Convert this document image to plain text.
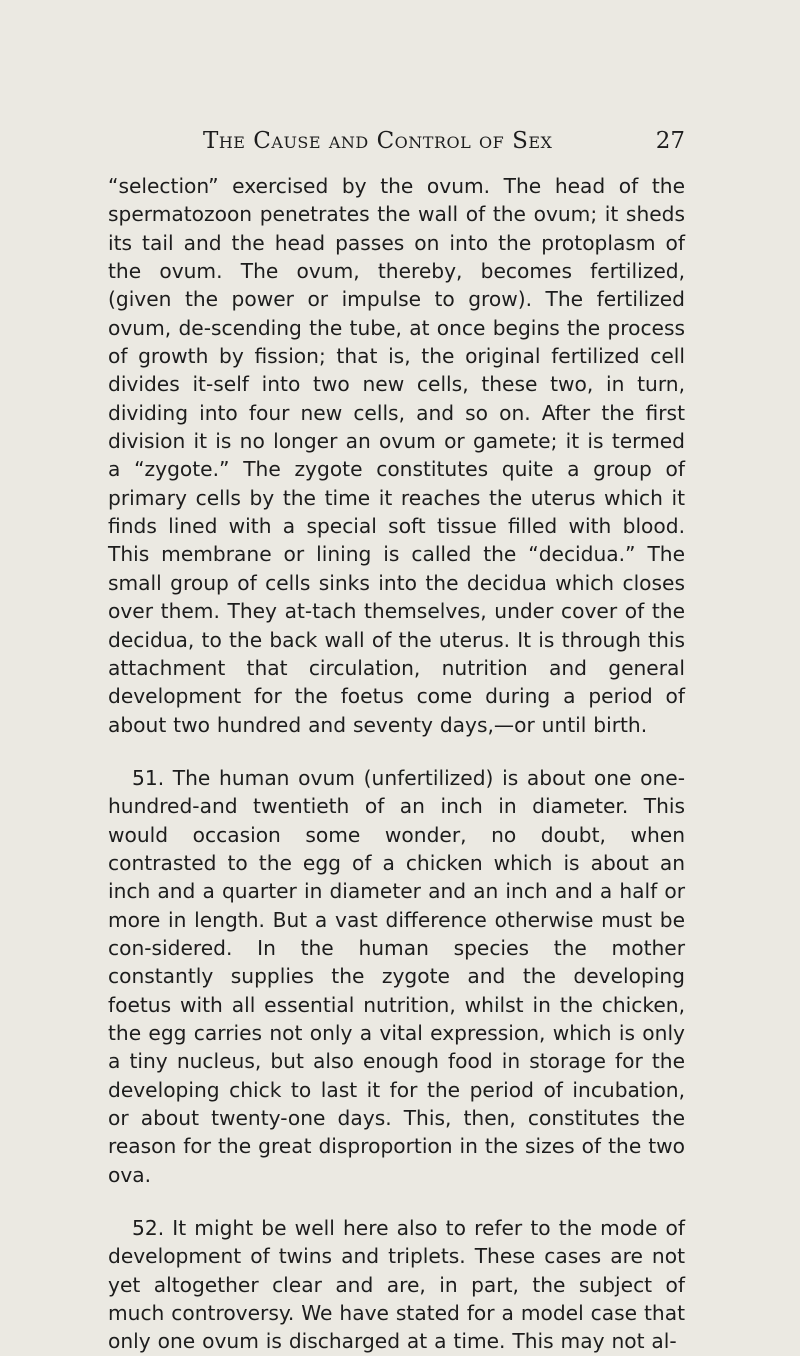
The Cause and Control of Sex	27

“selection” exercised by the ovum. The head of the spermatozoon penetrates the wall of the ovum; it sheds its tail and the head passes on into the protoplasm of the ovum. The ovum, thereby, becomes fertilized, (given the power or impulse to grow). The fertilized ovum, de-scending the tube, at once begins the process of growth by fission; that is, the original fertilized cell divides it-self into two new cells, these two, in turn, dividing into four new cells, and so on. After the first division it is no longer an ovum or gamete; it is termed a “zygote.” The zygote constitutes quite a group of primary cells by the time it reaches the uterus which it finds lined with a special soft tissue filled with blood. This membrane or lining is called the “decidua.” The small group of cells sinks into the decidua which closes over them. They at-tach themselves, under cover of the decidua, to the back wall of the uterus. It is through this attachment that circulation, nutrition and general development for the foetus come during a period of about two hundred and seventy days,—or until birth.

51. The human ovum (unfertilized) is about one one-hundred-and twentieth of an inch in diameter. This would occasion some wonder, no doubt, when contrasted to the egg of a chicken which is about an inch and a quarter in diameter and an inch and a half or more in length. But a vast difference otherwise must be con-sidered. In the human species the mother constantly supplies the zygote and the developing foetus with all essential nutrition, whilst in the chicken, the egg carries not only a vital expression, which is only a tiny nucleus, but also enough food in storage for the developing chick to last it for the period of incubation, or about twenty-one days. This, then, constitutes the reason for the great disproportion in the sizes of the two ova.

52. It might be well here also to refer to the mode of development of twins and triplets. These cases are not yet altogether clear and are, in part, the subject of much controversy. We have stated for a model case that only one ovum is discharged at a time. This may not al-
